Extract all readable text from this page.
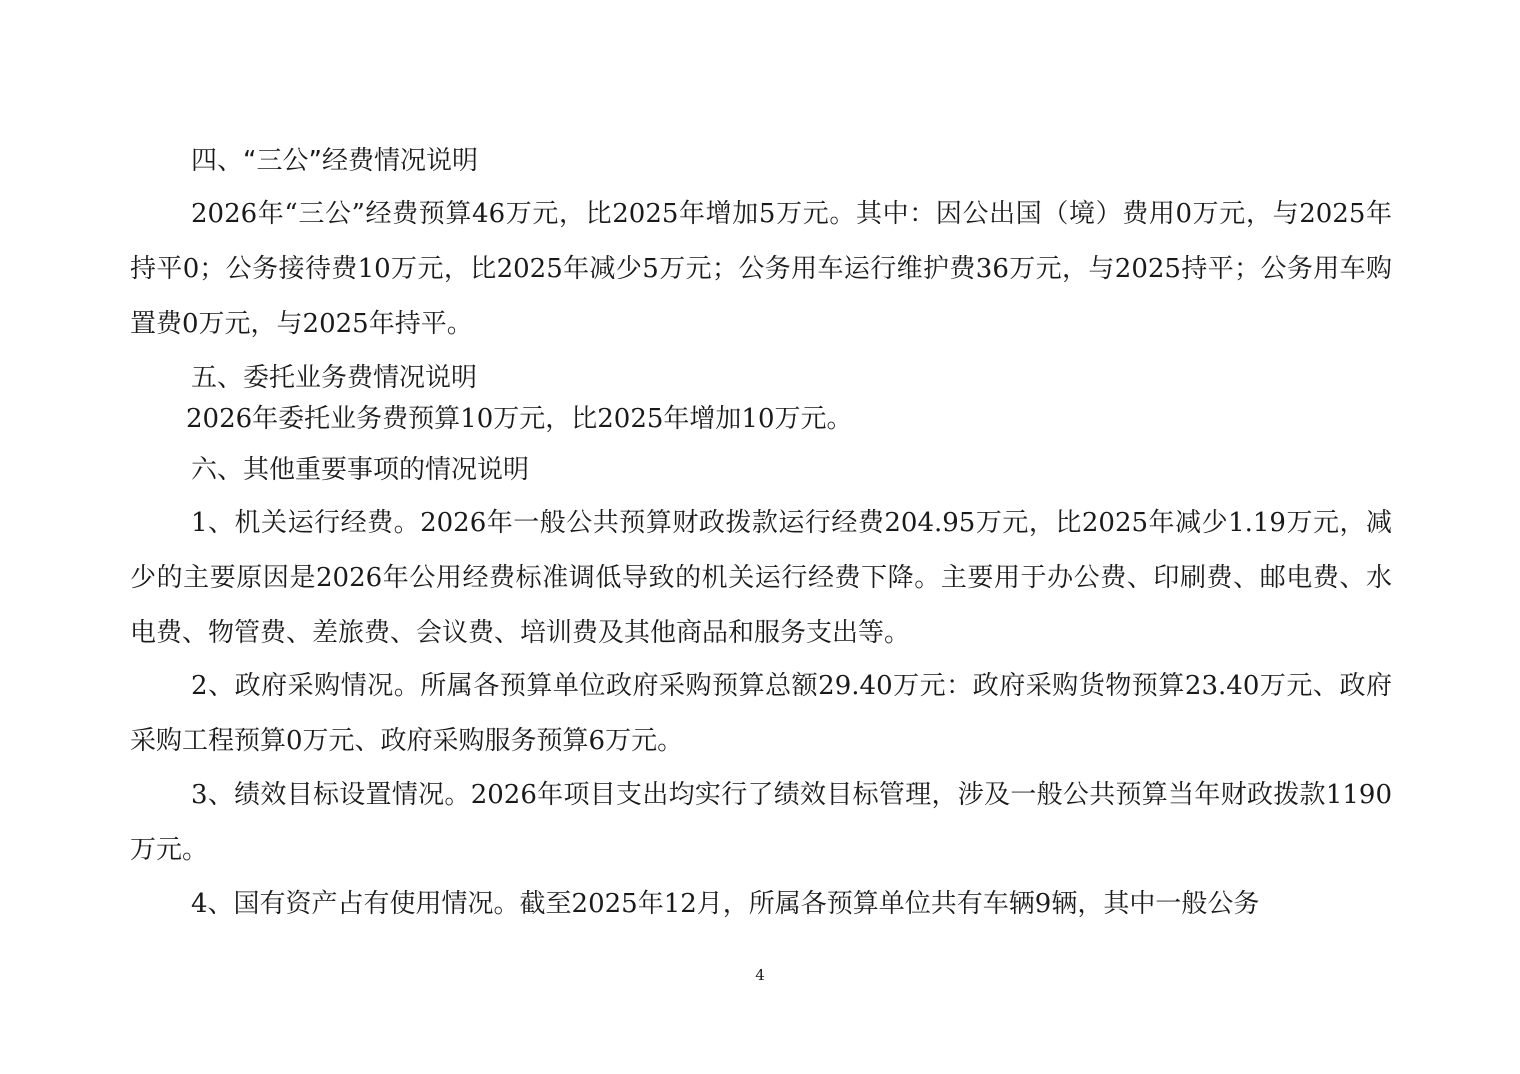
四、“三公”经费情况说明

2026年“三公”经费预算46万元，比2025年增加5万元。其中：因公出国（境）费用0万元，与2025年持平0；公务接待费10万元，比2025年减少5万元；公务用车运行维护费36万元，与2025持平；公务用车购置费0万元，与2025年持平。

五、委托业务费情况说明
2026年委托业务费预算10万元，比2025年增加10万元。
六、其他重要事项的情况说明

1、机关运行经费。2026年一般公共预算财政拨款运行经费204.95万元，比2025年减少1.19万元，减少的主要原因是2026年公用经费标准调低导致的机关运行经费下降。主要用于办公费、印刷费、邮电费、水电费、物管费、差旅费、会议费、培训费及其他商品和服务支出等。

2、政府采购情况。所属各预算单位政府采购预算总额29.40万元：政府采购货物预算23.40万元、政府采购工程预算0万元、政府采购服务预算6万元。

3、绩效目标设置情况。2026年项目支出均实行了绩效目标管理，涉及一般公共预算当年财政拨款1190万元。

4、国有资产占有使用情况。截至2025年12月，所属各预算单位共有车辆9辆，其中一般公务

4
